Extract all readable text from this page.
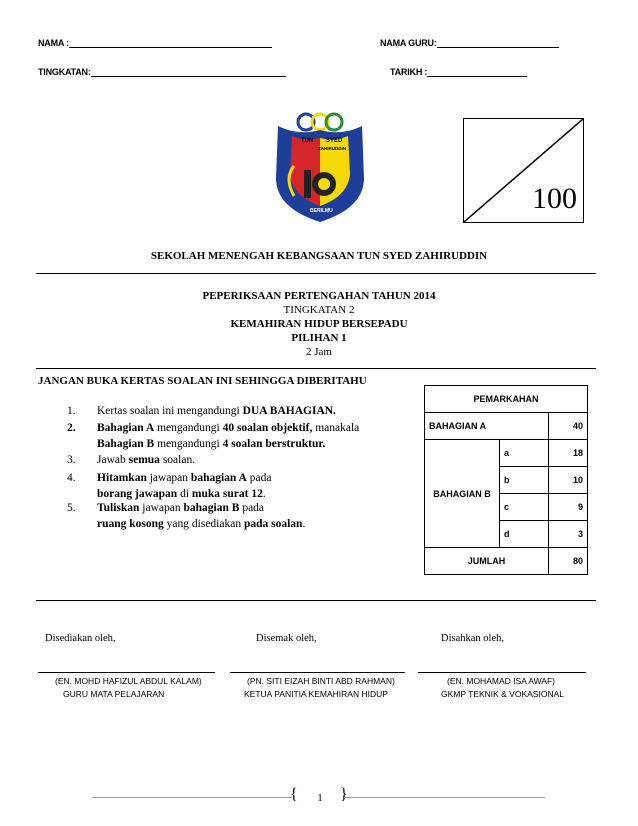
NAMA :	NAMA GURU:
TINGKATAN:	TARIKH :
TUN SYED
ZAHIRUDDIN
BERILMU	100
SEKOLAH MENENGAH KEBANGSAAN TUN SYED ZAHIRUDDIN
PEPERIKSAAN PERTENGAHAN TAHUN 2014
TINGKATAN 2
KEMAHIRAN HIDUP BERSEPADU
PILIHAN 1
2 Jam
JANGAN BUKA KERTAS SOALAN INI SEHINGGA DIBERITAHU
1. Kertas soalan ini mengandungi DUA BAHAGIAN.
2. Bahagian A mengandungi 40 soalan objektif, manakala
Bahagian B mengandungi 4 soalan berstruktur.
3. Jawab semua soalan.
4. Hitamkan jawapan bahagian A pada
borang jawapan di muka surat 12.
5. Tuliskan jawapan bahagian B pada
ruang kosong yang disediakan pada soalan.
PEMARKAHAN		
BAHAGIAN A		40
BAHAGIAN B	a	18
	b	10
	c	9
	d	3
JUMLAH		80
Disediakan oleh,	Disemak oleh,	Disahkan oleh,
(EN. MOHD HAFIZUL ABDUL KALAM)
GURU MATA PELAJARAN
(PN. SITI EIZAH BINTI ABD RAHMAN)
KETUA PANITIA KEMAHIRAN HIDUP
(EN. MOHAMAD ISA AWAF)
GKMP TEKNIK & VOKASIONAL
{	}
1
